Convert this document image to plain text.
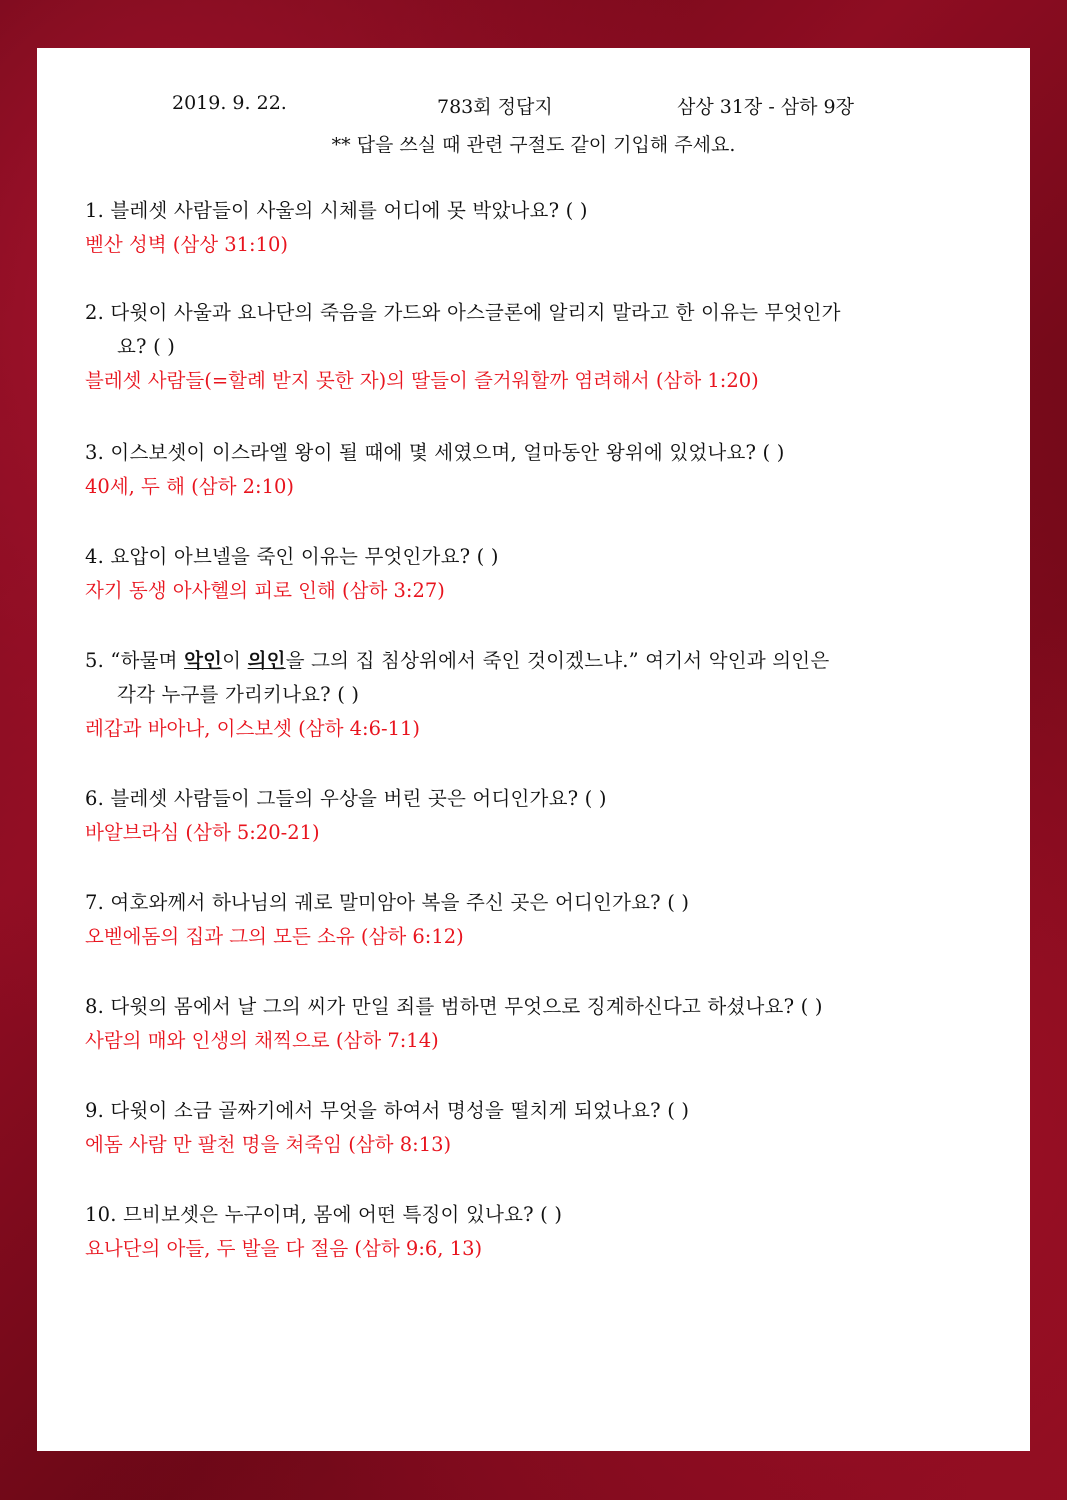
2019. 9. 22.	783회 정답지	삼상 31장 - 삼하 9장
** 답을 쓰실 때 관련 구절도 같이 기입해 주세요.
1. 블레셋 사람들이 사울의 시체를 어디에 못 박았나요? ( )
벧산 성벽 (삼상 31:10)
2. 다윗이 사울과 요나단의 죽음을 가드와 아스글론에 알리지 말라고 한 이유는 무엇인가
요? ( )
블레셋 사람들(=할례 받지 못한 자)의 딸들이 즐거워할까 염려해서 (삼하 1:20)
3. 이스보셋이 이스라엘 왕이 될 때에 몇 세였으며, 얼마동안 왕위에 있었나요? ( )
40세, 두 해 (삼하 2:10)
4. 요압이 아브넬을 죽인 이유는 무엇인가요? ( )
자기 동생 아사헬의 피로 인해 (삼하 3:27)
5. “하물며 악인이 의인을 그의 집 침상위에서 죽인 것이겠느냐.” 여기서 악인과 의인은
각각 누구를 가리키나요? ( )
레갑과 바아나, 이스보셋 (삼하 4:6-11)
6. 블레셋 사람들이 그들의 우상을 버린 곳은 어디인가요? ( )
바알브라심 (삼하 5:20-21)
7. 여호와께서 하나님의 궤로 말미암아 복을 주신 곳은 어디인가요? ( )
오벧에돔의 집과 그의 모든 소유 (삼하 6:12)
8. 다윗의 몸에서 날 그의 씨가 만일 죄를 범하면 무엇으로 징계하신다고 하셨나요? ( )
사람의 매와 인생의 채찍으로 (삼하 7:14)
9. 다윗이 소금 골짜기에서 무엇을 하여서 명성을 떨치게 되었나요? ( )
에돔 사람 만 팔천 명을 쳐죽임 (삼하 8:13)
10. 므비보셋은 누구이며, 몸에 어떤 특징이 있나요? ( )
요나단의 아들, 두 발을 다 절음 (삼하 9:6, 13)
